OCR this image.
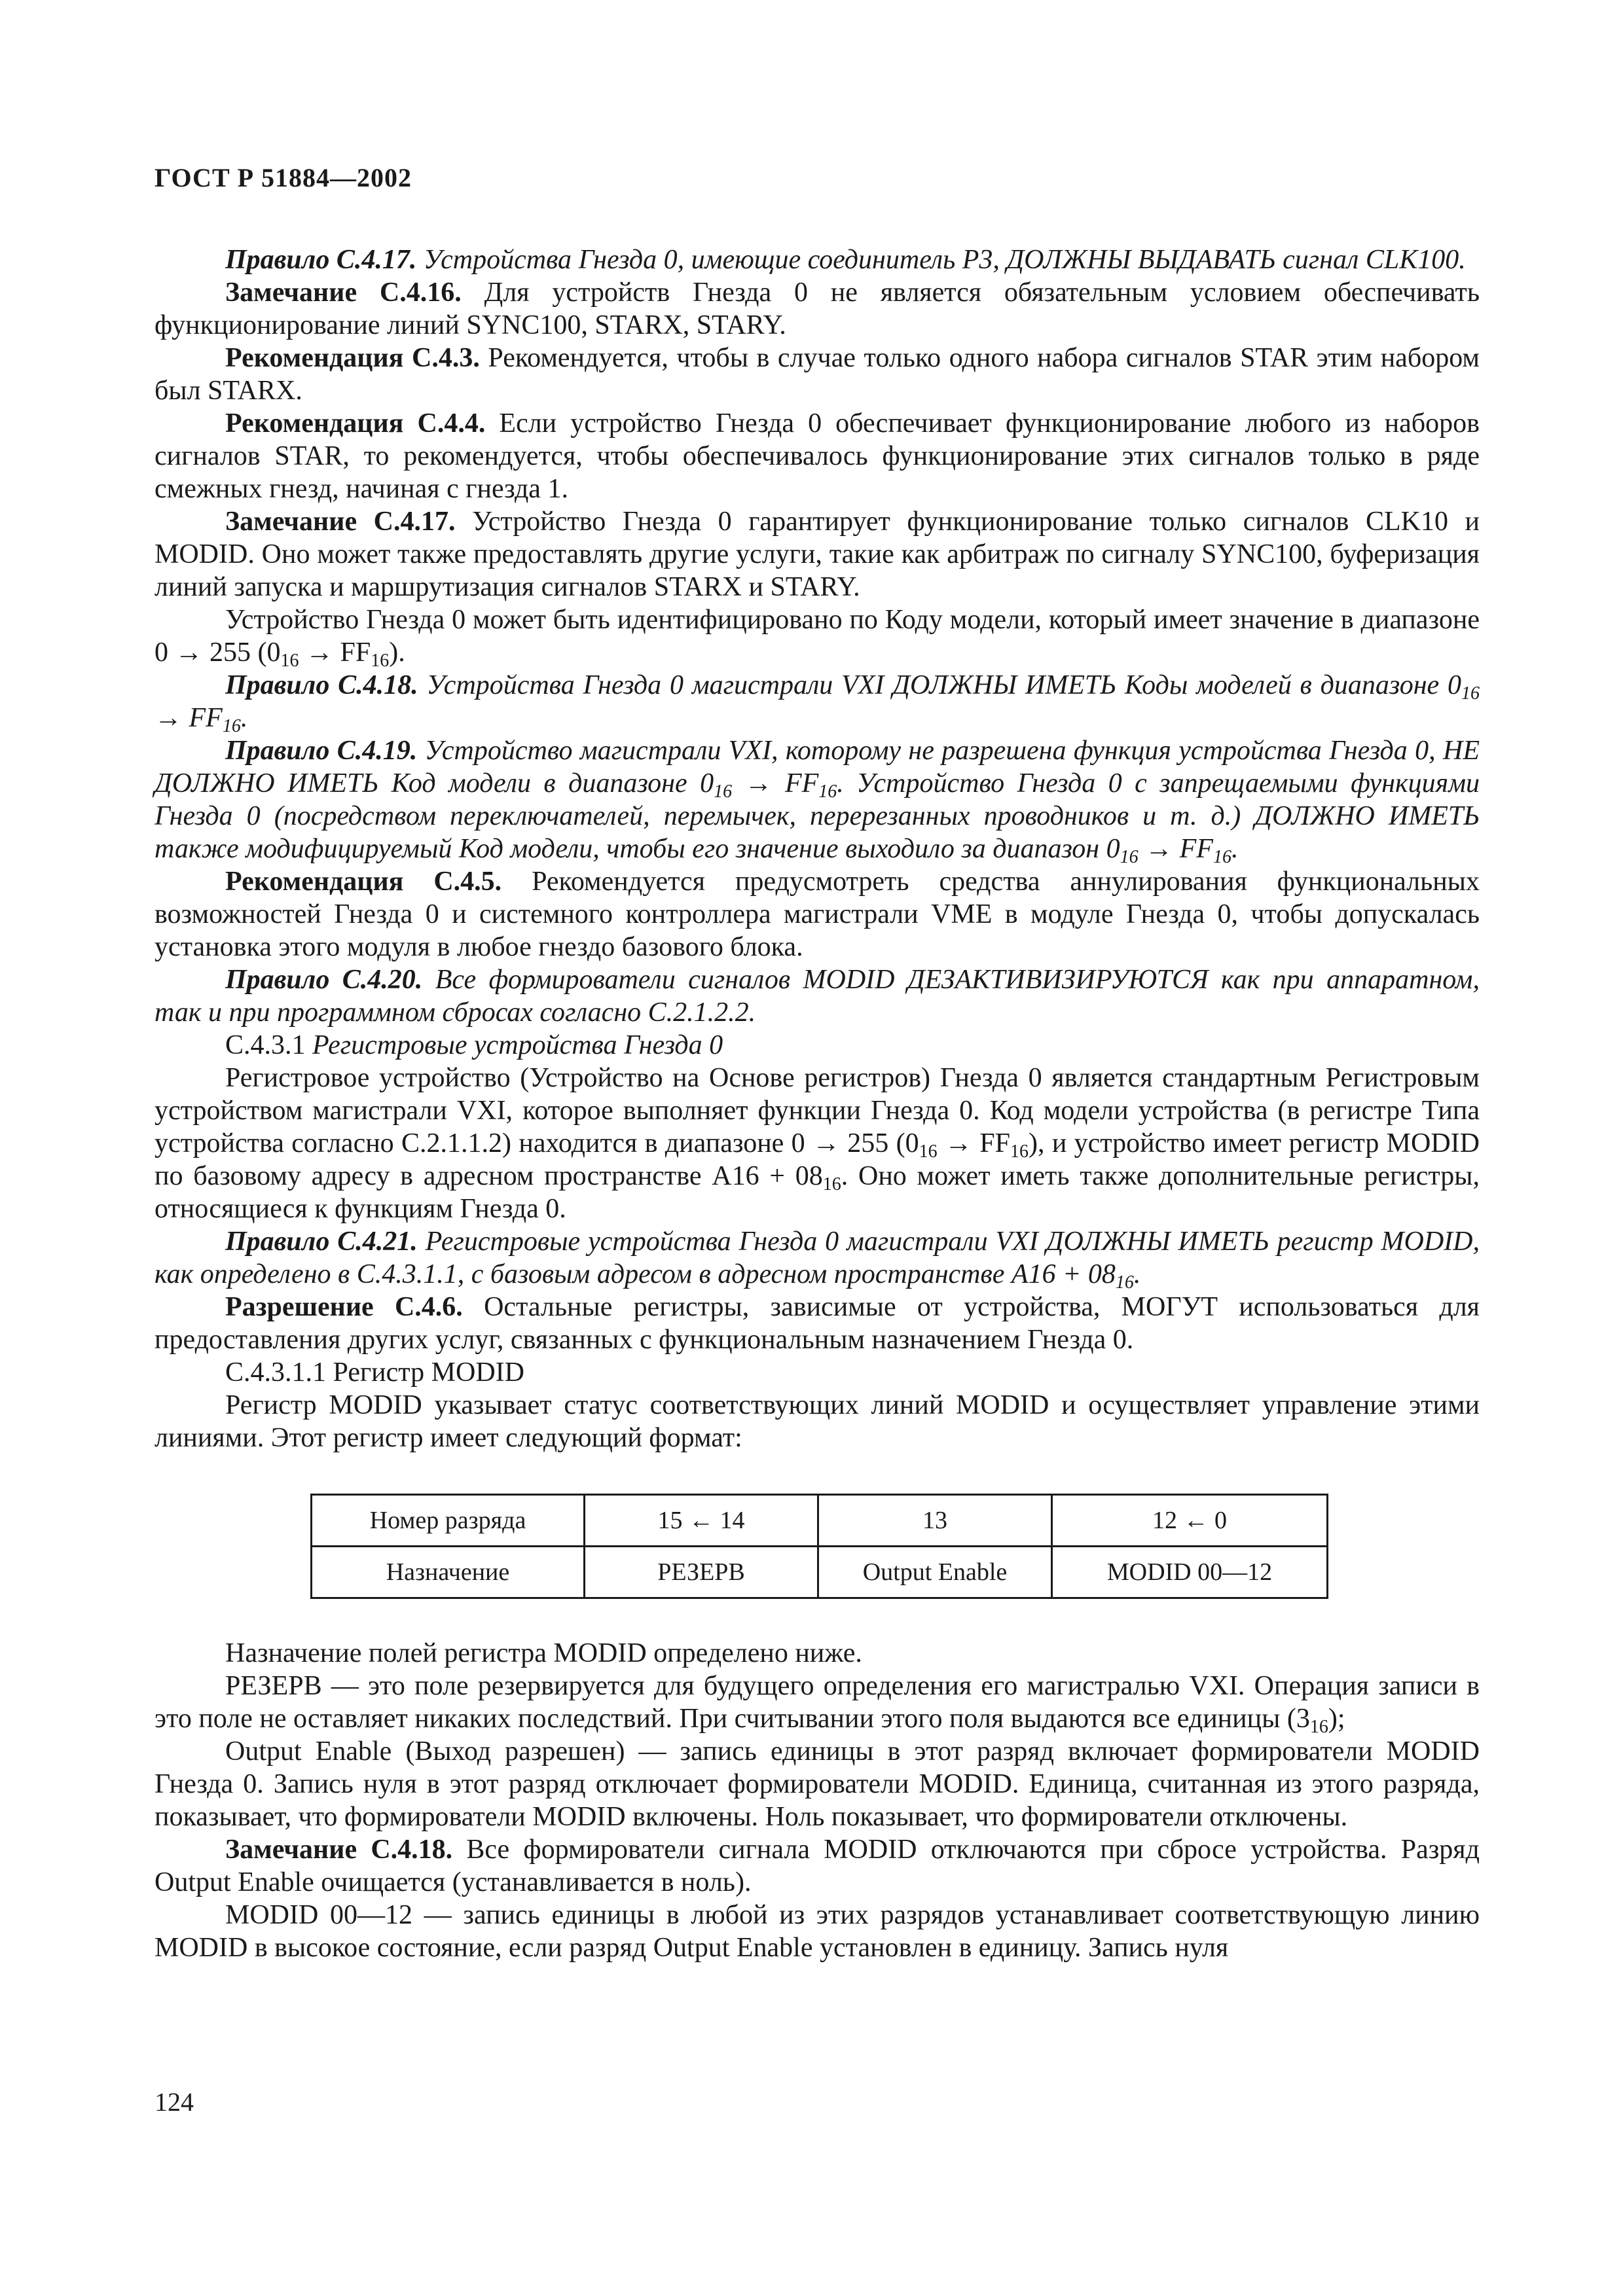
ГОСТ Р 51884—2002

Правило С.4.17. Устройства Гнезда 0, имеющие соединитель Р3, ДОЛЖНЫ ВЫДАВАТЬ сигнал CLK100.

Замечание С.4.16. Для устройств Гнезда 0 не является обязательным условием обеспечивать функционирование линий SYNC100, STARX, STARY.

Рекомендация С.4.3. Рекомендуется, чтобы в случае только одного набора сигналов STAR этим набором был STARX.

Рекомендация С.4.4. Если устройство Гнезда 0 обеспечивает функционирование любого из наборов сигналов STAR, то рекомендуется, чтобы обеспечивалось функционирование этих сигналов только в ряде смежных гнезд, начиная с гнезда 1.

Замечание С.4.17. Устройство Гнезда 0 гарантирует функционирование только сигналов CLK10 и MODID. Оно может также предоставлять другие услуги, такие как арбитраж по сигналу SYNC100, буферизация линий запуска и маршрутизация сигналов STARX и STARY.

Устройство Гнезда 0 может быть идентифицировано по Коду модели, который имеет значение в диапазоне 0 → 255 $(0_{16} \to FF_{16})$.

Правило С.4.18. Устройства Гнезда 0 магистрали VXI ДОЛЖНЫ ИМЕТЬ Коды моделей в диапазоне $0_{16} \to FF_{16}$.

Правило С.4.19. Устройство магистрали VXI, которому не разрешена функция устройства Гнезда 0, НЕ ДОЛЖНО ИМЕТЬ Код модели в диапазоне $0_{16} \to FF_{16}$. Устройство Гнезда 0 с запрещаемыми функциями Гнезда 0 (посредством переключателей, перемычек, перерезанных проводников и т. д.) ДОЛЖНО ИМЕТЬ также модифицируемый Код модели, чтобы его значение выходило за диапазон $0_{16} \to FF_{16}$.

Рекомендация С.4.5. Рекомендуется предусмотреть средства аннулирования функциональных возможностей Гнезда 0 и системного контроллера магистрали VME в модуле Гнезда 0, чтобы допускалась установка этого модуля в любое гнездо базового блока.

Правило С.4.20. Все формирователи сигналов MODID ДЕЗАКТИВИЗИРУЮТСЯ как при аппаратном, так и при программном сбросах согласно С.2.1.2.2.

С.4.3.1 Регистровые устройства Гнезда 0

Регистровое устройство (Устройство на Основе регистров) Гнезда 0 является стандартным Регистровым устройством магистрали VXI, которое выполняет функции Гнезда 0. Код модели устройства (в регистре Типа устройства согласно С.2.1.1.2) находится в диапазоне 0 → 255 $(0_{16} \to FF_{16})$, и устройство имеет регистр MODID по базовому адресу в адресном пространстве $A16 + 08_{16}$. Оно может иметь также дополнительные регистры, относящиеся к функциям Гнезда 0.

Правило С.4.21. Регистровые устройства Гнезда 0 магистрали VXI ДОЛЖНЫ ИМЕТЬ регистр MODID, как определено в С.4.3.1.1, с базовым адресом в адресном пространстве $A16 + 08_{16}$.

Разрешение С.4.6. Остальные регистры, зависимые от устройства, МОГУТ использоваться для предоставления других услуг, связанных с функциональным назначением Гнезда 0.

С.4.3.1.1 Регистр MODID

Регистр MODID указывает статус соответствующих линий MODID и осуществляет управление этими линиями. Этот регистр имеет следующий формат:

Номер разряда	15 ← 14	13	12 ← 0
Назначение	РЕЗЕРВ	Output Enable	MODID 00—12

Назначение полей регистра MODID определено ниже.

РЕЗЕРВ — это поле резервируется для будущего определения его магистралью VXI. Операция записи в это поле не оставляет никаких последствий. При считывании этого поля выдаются все единицы $(3_{16})$;

Output Enable (Выход разрешен) — запись единицы в этот разряд включает формирователи MODID Гнезда 0. Запись нуля в этот разряд отключает формирователи MODID. Единица, считанная из этого разряда, показывает, что формирователи MODID включены. Ноль показывает, что формирователи отключены.

Замечание С.4.18. Все формирователи сигнала MODID отключаются при сбросе устройства. Разряд Output Enable очищается (устанавливается в ноль).

MODID 00—12 — запись единицы в любой из этих разрядов устанавливает соответствующую линию MODID в высокое состояние, если разряд Output Enable установлен в единицу. Запись нуля

124
